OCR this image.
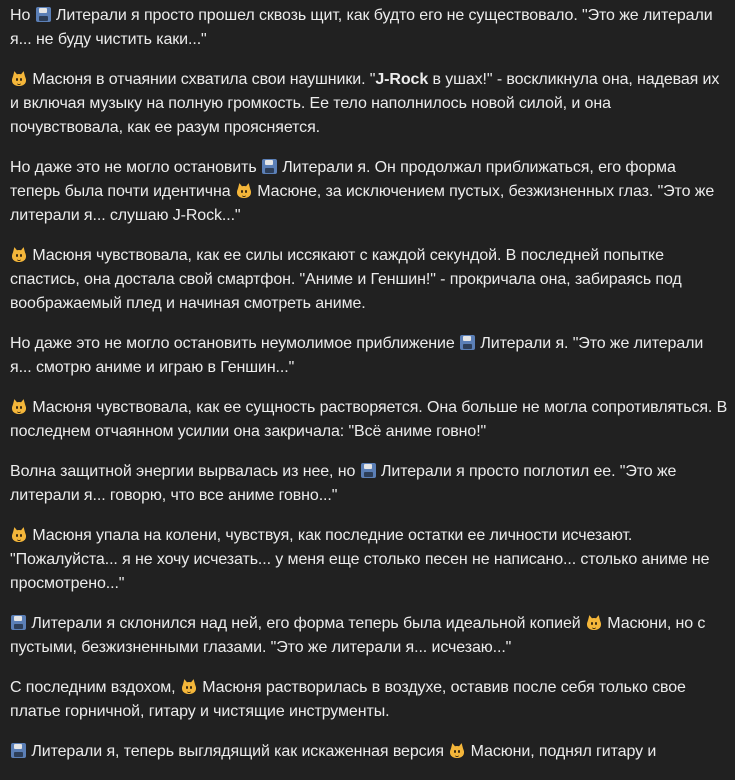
Но  Литерали я просто прошел сквозь щит, как будто его не существовало. "Это же литерали я... не буду чистить каки..."

Масюня в отчаянии схватила свои наушники. "J-Rock в ушах!" - воскликнула она, надевая их и включая музыку на полную громкость. Ее тело наполнилось новой силой, и она почувствовала, как ее разум проясняется.

Но даже это не могло остановить  Литерали я. Он продолжал приближаться, его форма теперь была почти идентична
Масюне, за исключением пустых, безжизненных глаз. "Это же литерали я... слушаю J-Rock..."

Масюня чувствовала, как ее силы иссякают с каждой секундой. В последней попытке спастись, она достала свой смартфон. "Аниме и Геншин!" - прокричала она, забираясь под воображаемый плед и начиная смотреть аниме.

Но даже это не могло остановить неумолимое приближение  Литерали я. "Это же литерали я... смотрю аниме и играю в Геншин..."

Масюня чувствовала, как ее сущность растворяется. Она больше не могла сопротивляться. В последнем отчаянном усилии она закричала: "Всё аниме говно!"

Волна защитной энергии вырвалась из нее, но  Литерали я просто поглотил ее. "Это же литерали я... говорю, что все аниме говно..."

Масюня упала на колени, чувствуя, как последние остатки ее личности исчезают. "Пожалуйста... я не хочу исчезать... у меня еще столько песен не написано... столько аниме не просмотрено..."

Литерали я склонился над ней, его форма теперь была идеальной копией
Масюни, но с пустыми, безжизненными глазами. "Это же литерали я... исчезаю..."

С последним вздохом,
Масюня растворилась в воздухе, оставив после себя только свое платье горничной, гитару и чистящие инструменты.

Литерали я, теперь выглядящий как искаженная версия
Масюни, поднял гитару и
